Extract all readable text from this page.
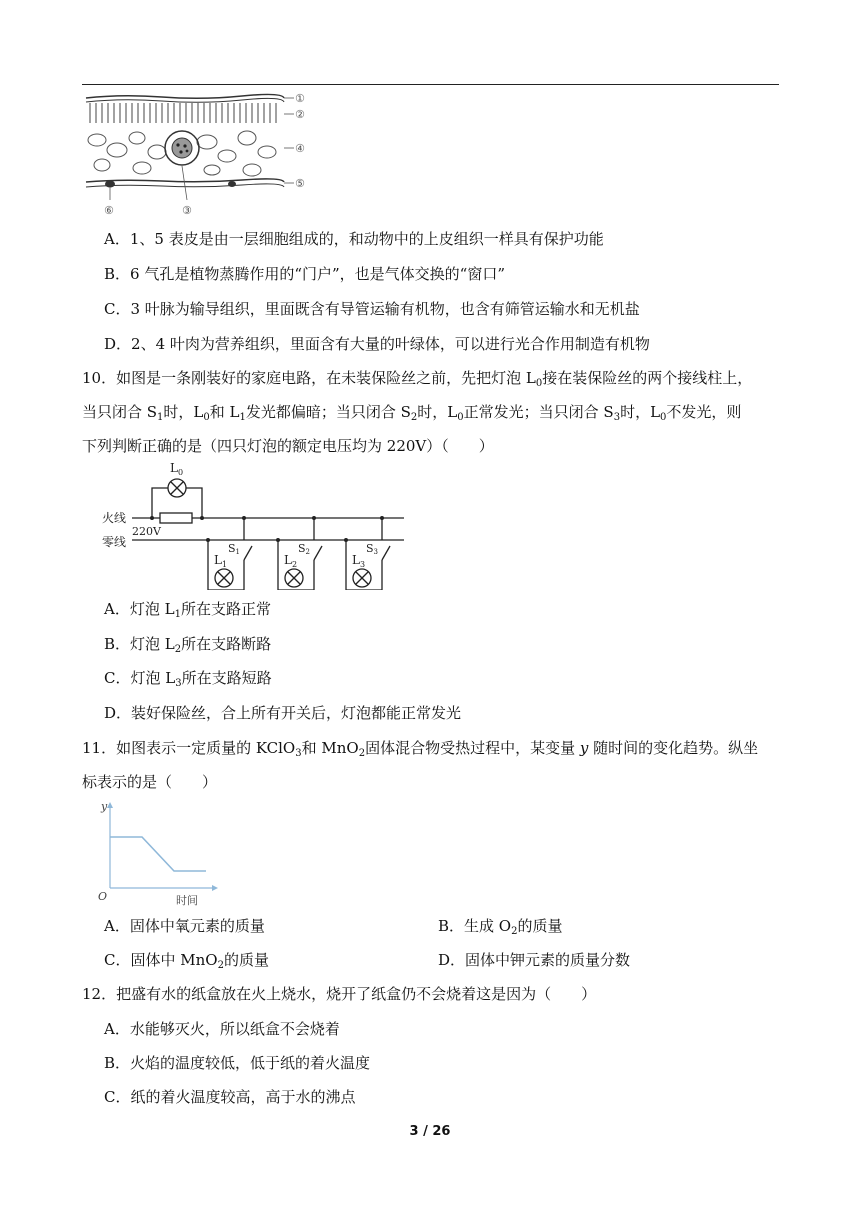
①
②
④
⑤
⑥	③
A．1、5 表皮是由一层细胞组成的，和动物中的上皮组织一样具有保护功能
B．6 气孔是植物蒸腾作用的“门户”，也是气体交换的“窗口”
C．3 叶脉为输导组织，里面既含有导管运输有机物，也含有筛管运输水和无机盐
D．2、4 叶肉为营养组织，里面含有大量的叶绿体，可以进行光合作用制造有机物
10．如图是一条刚装好的家庭电路，在未装保险丝之前，先把灯泡 $L_0$接在装保险丝的两个接线柱上，
当只闭合 $S_1$时，$L_0$和 $L_1$发光都偏暗；当只闭合 $S_2$时，$L_0$正常发光；当只闭合 $S_3$时，$L_0$不发光，则
下列判断正确的是（四只灯泡的额定电压均为 220V）（　　）
$L_0$
火线
零线
220V
S1	S2	S3
$L_1$	$L_2$	$L_3$
A．灯泡 $L_1$所在支路正常
B．灯泡 $L_2$所在支路断路
C．灯泡 $L_3$所在支路短路
D．装好保险丝，合上所有开关后，灯泡都能正常发光
11．如图表示一定质量的 KClO$_3$和 MnO$_2$固体混合物受热过程中，某变量 y 随时间的变化趋势。纵坐
标表示的是（　　）
y
O	时间
A．固体中氧元素的质量	B．生成 $O_2$的质量
C．固体中 MnO$_2$的质量	D．固体中钾元素的质量分数
12．把盛有水的纸盒放在火上烧水，烧开了纸盒仍不会烧着这是因为（　　）
A．水能够灭火，所以纸盒不会烧着
B．火焰的温度较低，低于纸的着火温度
C．纸的着火温度较高，高于水的沸点
3 / 26
